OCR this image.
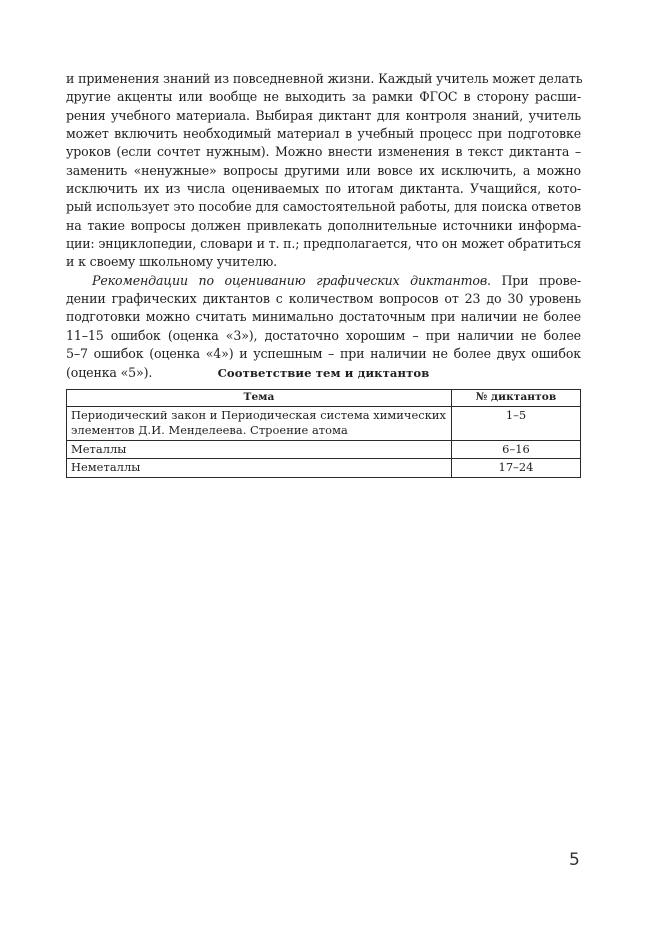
и применения знаний из повседневной жизни. Каждый учитель может делать
другие акценты или вообще не выходить за рамки ФГОС в сторону расши-
рения учебного материала. Выбирая диктант для контроля знаний, учитель
может включить необходимый материал в учебный процесс при подготовке
уроков (если сочтет нужным). Можно внести изменения в текст диктанта –
заменить «ненужные» вопросы другими или вовсе их исключить, а можно
исключить их из числа оцениваемых по итогам диктанта. Учащийся, кото-
рый использует это пособие для самостоятельной работы, для поиска ответов
на такие вопросы должен привлекать дополнительные источники информа-
ции: энциклопедии, словари и т. п.; предполагается, что он может обратиться
и к своему школьному учителю.
Рекомендации по оцениванию графических диктантов. При прове-
дении графических диктантов с количеством вопросов от 23 до 30 уровень
подготовки можно считать минимально достаточным при наличии не более
11–15 ошибок (оценка «3»), достаточно хорошим – при наличии не более
5–7 ошибок (оценка «4») и успешным – при наличии не более двух ошибок
(оценка «5»).	Соответствие тем и диктантов
Тема	№ диктантов
Периодический закон и Периодическая система химических
элементов Д.И. Менделеева. Строение атома	1–5
Металлы	6–16
Неметаллы	17–24
5
